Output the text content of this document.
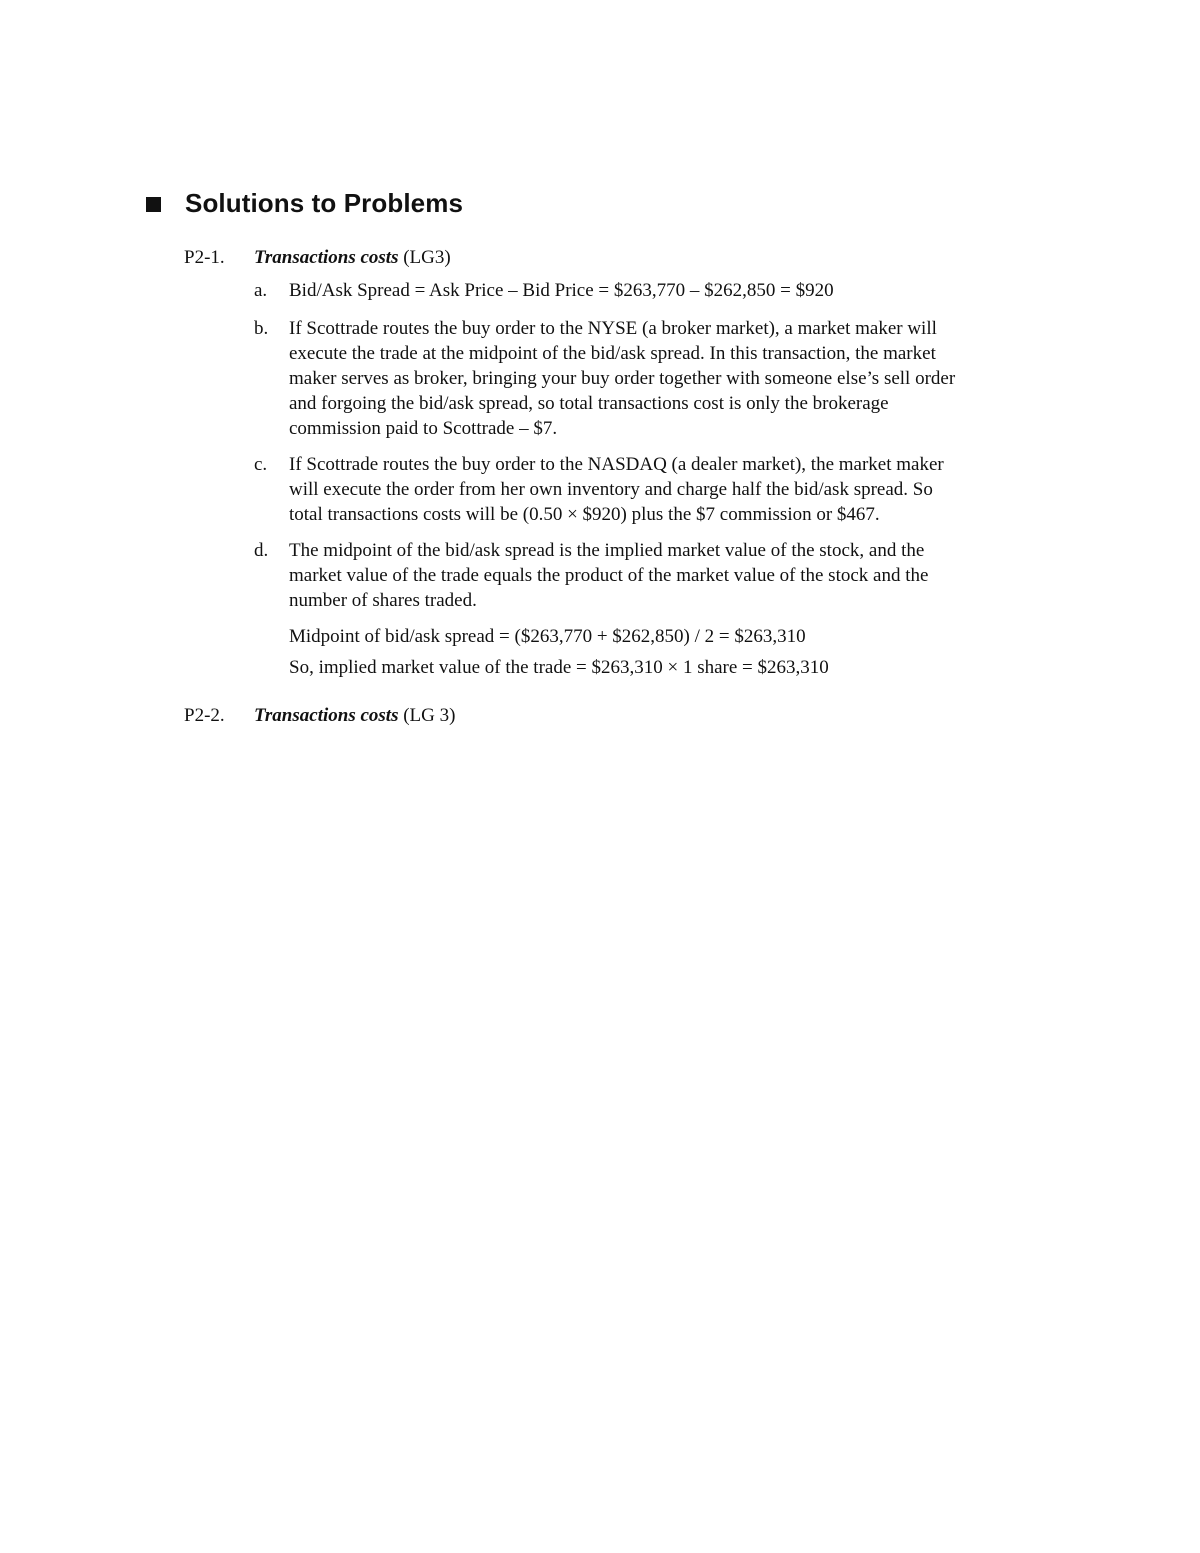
Solutions to Problems
P2-1. Transactions costs (LG3)
a.	Bid/Ask Spread = Ask Price – Bid Price = $263,770 – $262,850 = $920
b.	If Scottrade routes the buy order to the NYSE (a broker market), a market maker will
execute the trade at the midpoint of the bid/ask spread. In this transaction, the market
maker serves as broker, bringing your buy order together with someone else’s sell order
and forgoing the bid/ask spread, so total transactions cost is only the brokerage
commission paid to Scottrade – $7.
c.	If Scottrade routes the buy order to the NASDAQ (a dealer market), the market maker
will execute the order from her own inventory and charge half the bid/ask spread. So
total transactions costs will be (0.50 × $920) plus the $7 commission or $467.
d.	The midpoint of the bid/ask spread is the implied market value of the stock, and the
market value of the trade equals the product of the market value of the stock and the
number of shares traded.
Midpoint of bid/ask spread = ($263,770 + $262,850) / 2 = $263,310
So, implied market value of the trade = $263,310 × 1 share = $263,310
P2-2. Transactions costs (LG 3)
